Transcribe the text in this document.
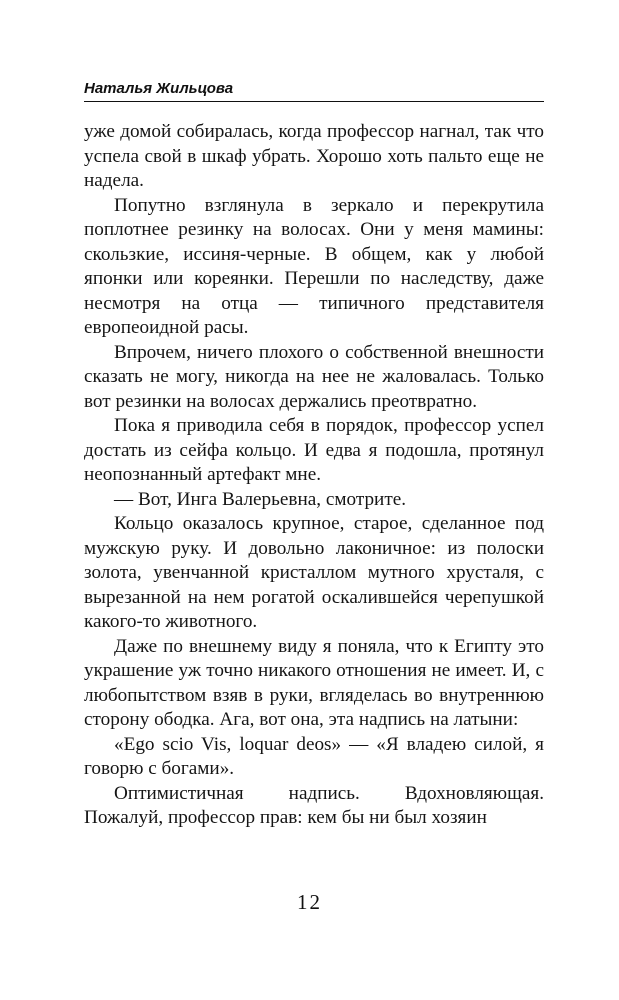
Наталья Жильцова

уже домой собиралась, когда профессор нагнал, так что успела свой в шкаф убрать. Хорошо хоть пальто еще не надела.

Попутно взглянула в зеркало и перекрутила поплотнее резинку на волосах. Они у меня мамины: скользкие, иссиня-черные. В общем, как у любой японки или кореянки. Перешли по наследству, даже несмотря на отца — типичного представителя европеоидной расы.

Впрочем, ничего плохого о собственной внешности сказать не могу, никогда на нее не жаловалась. Только вот резинки на волосах держались преотвратно.

Пока я приводила себя в порядок, профессор успел достать из сейфа кольцо. И едва я подошла, протянул неопознанный артефакт мне.

— Вот, Инга Валерьевна, смотрите.

Кольцо оказалось крупное, старое, сделанное под мужскую руку. И довольно лаконичное: из полоски золота, увенчанной кристаллом мутного хрусталя, с вырезанной на нем рогатой оскалившейся черепушкой какого-то животного.

Даже по внешнему виду я поняла, что к Египту это украшение уж точно никакого отношения не имеет. И, с любопытством взяв в руки, вгляделась во внутреннюю сторону ободка. Ага, вот она, эта надпись на латыни:

«Ego scio Vis, loquar deos» — «Я владею силой, я говорю с богами».

Оптимистичная надпись. Вдохновляющая. Пожалуй, профессор прав: кем бы ни был хозяин

12
